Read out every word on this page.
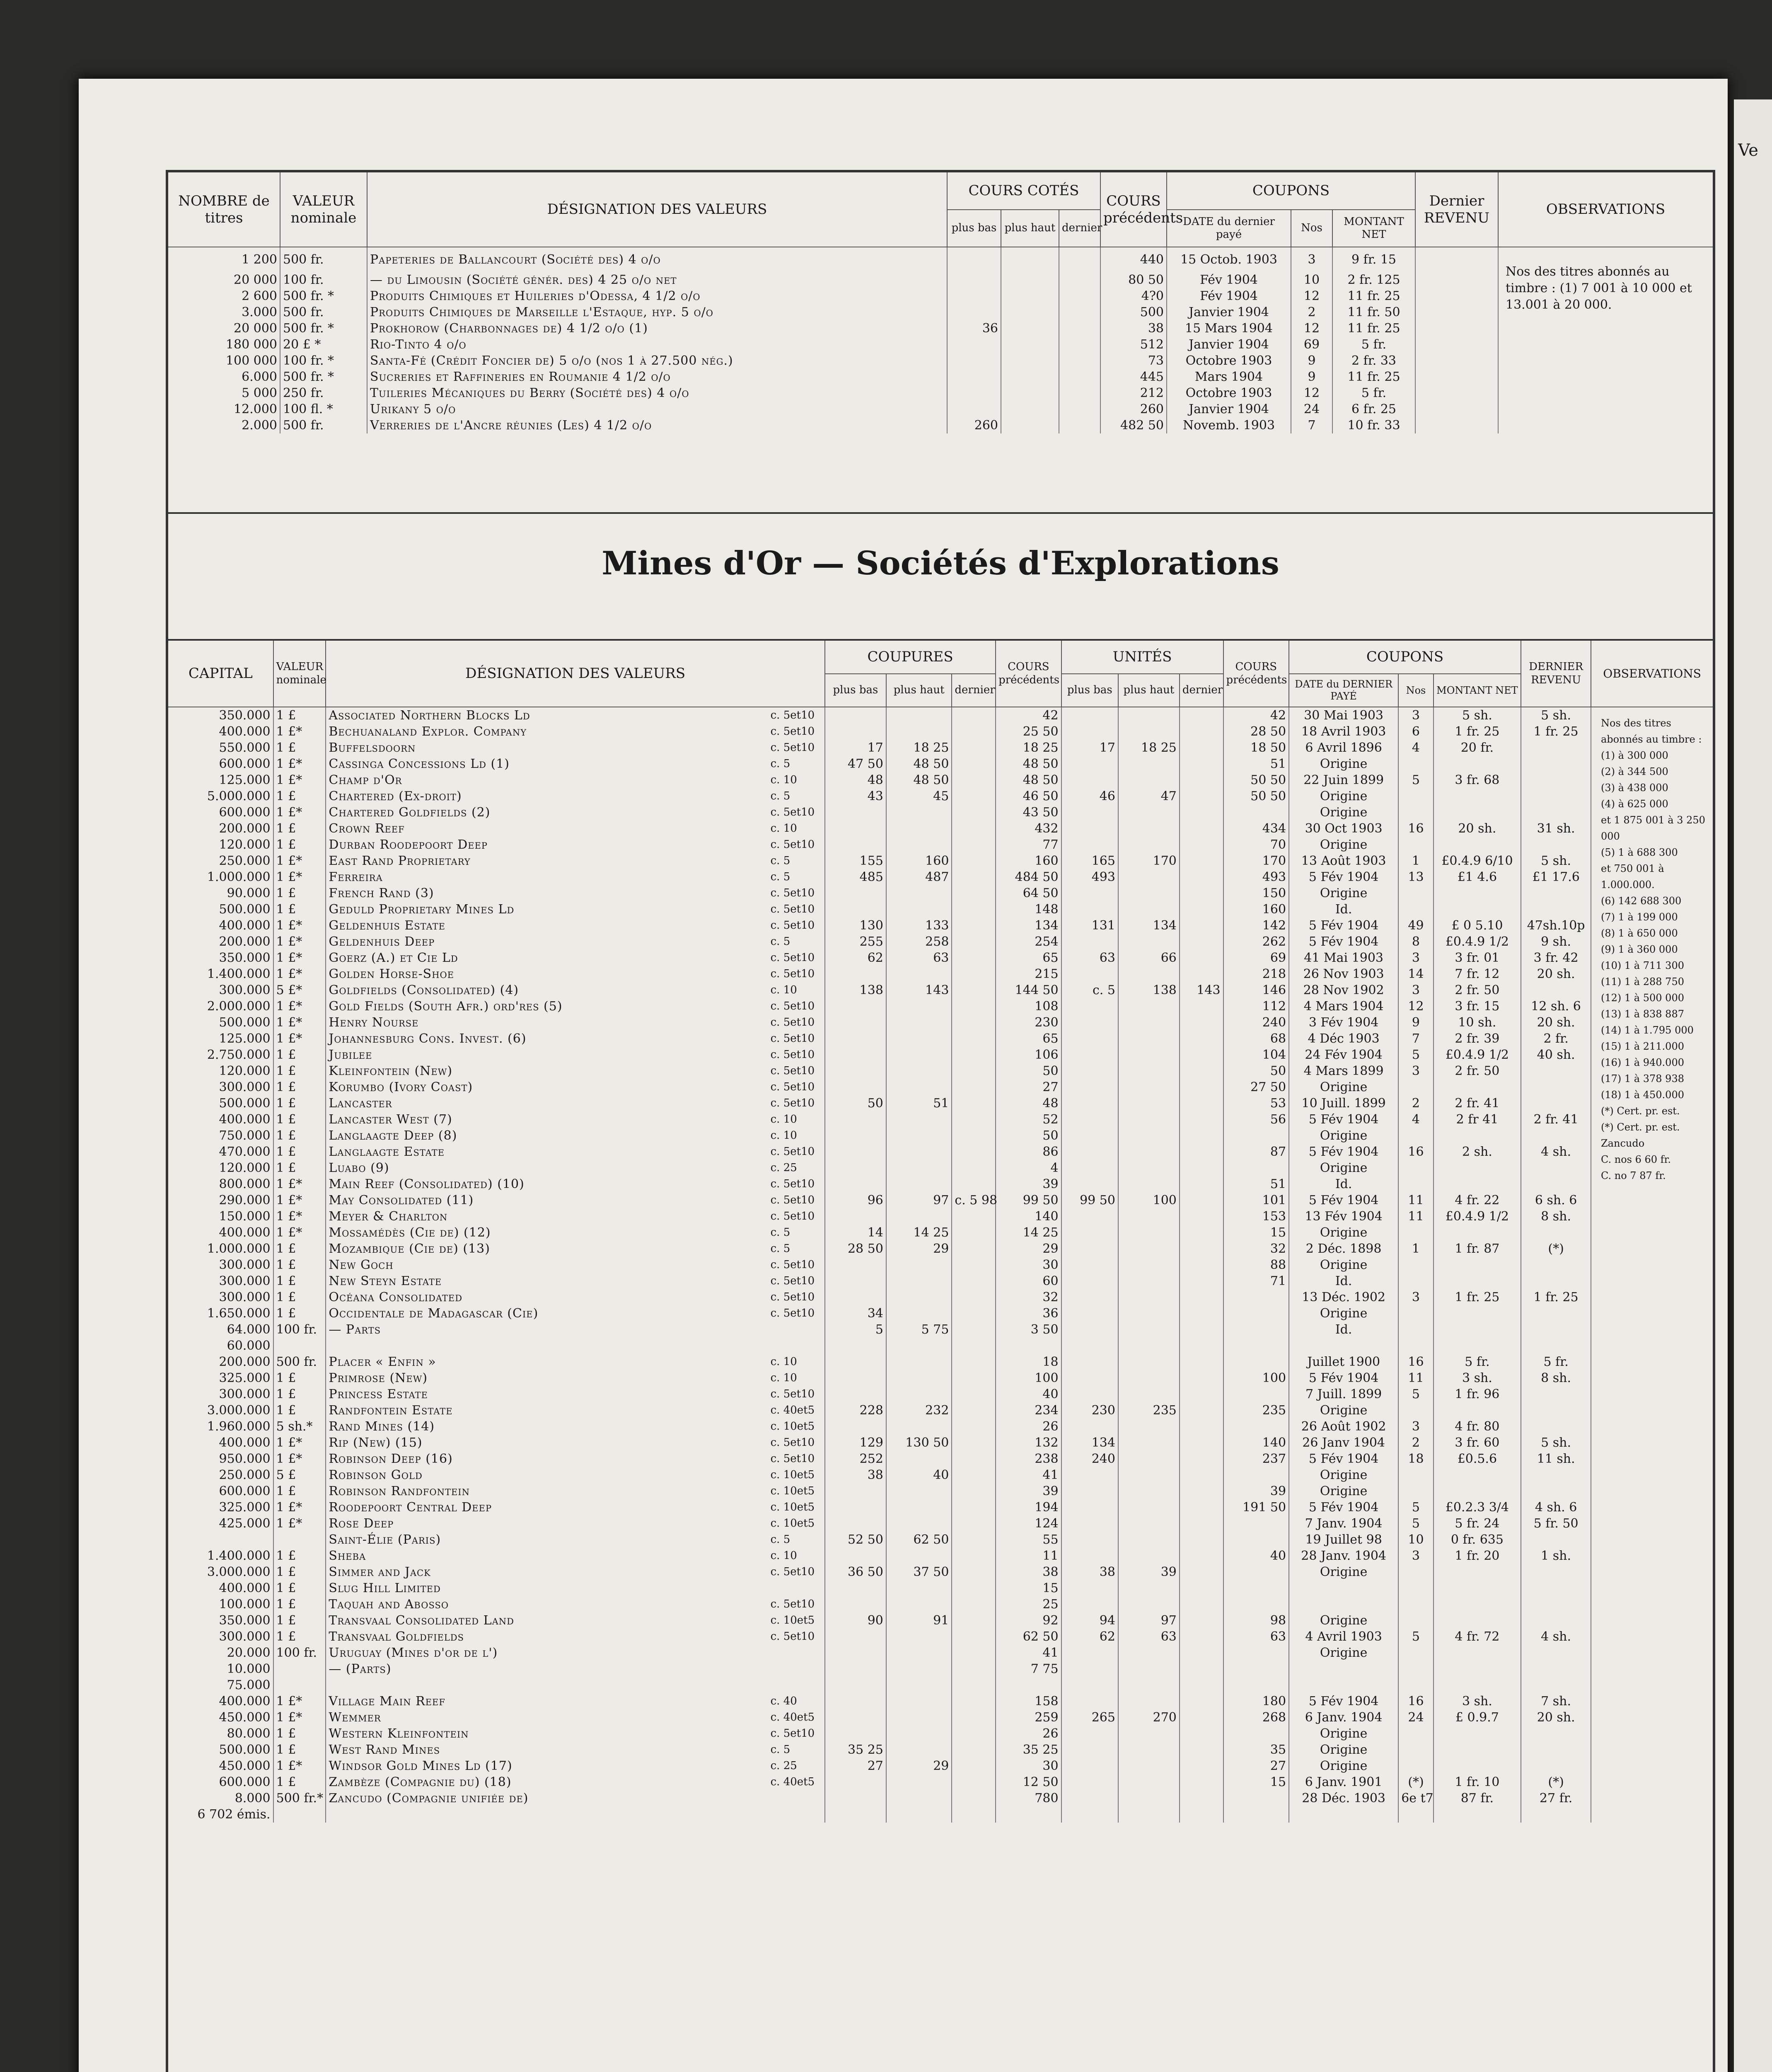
Ve
NOMBRE de titres	VALEUR nominale	DÉSIGNATION DES VALEURS	COURS COTÉS			COURS précédents	COUPONS			Dernier REVENU	OBSERVATIONS
			plus bas	plus haut	dernier		DATE du dernier payé	Nos	MONTANT NET		
1 200	500 fr.	Papeteries de Ballancourt (Société des) 4 o/o				440	15 Octob. 1903	3	9 fr. 15		
20 000	100 fr.	— du Limousin (Société génér. des) 4 25 o/o net				80 50	Fév 1904	10	2 fr. 125		
2 600	500 fr. *	Produits Chimiques et Huileries d'Odessa, 4 1/2 o/o				4?0	Fév 1904	12	11 fr. 25		
3.000	500 fr.	Produits Chimiques de Marseille l'Estaque, hyp. 5 o/o				500	Janvier 1904	2	11 fr. 50		
20 000	500 fr. *	Prokhorow (Charbonnages de) 4 1/2 o/o (1)	36			38	15 Mars 1904	12	11 fr. 25		
180 000	20 £ *	Rio-Tinto 4 o/o				512	Janvier 1904	69	5 fr.		
100 000	100 fr. *	Santa-Fé (Crédit Foncier de) 5 o/o (nos 1 à 27.500 nég.)				73	Octobre 1903	9	2 fr. 33		
6.000	500 fr. *	Sucreries et Raffineries en Roumanie 4 1/2 o/o				445	Mars 1904	9	11 fr. 25		
5 000	250 fr.	Tuileries Mécaniques du Berry (Société des) 4 o/o				212	Octobre 1903	12	5 fr.		
12.000	100 fl. *	Urikany 5 o/o				260	Janvier 1904	24	6 fr. 25		
2.000	500 fr.	Verreries de l'Ancre réunies (Les) 4 1/2 o/o	260			482 50	Novemb. 1903	7	10 fr. 33		
Nos des titres abonnés au timbre : (1) 7 001 à 10 000 et 13.001 à 20 000.
Mines d'Or — Sociétés d'Explorations
CAPITAL	VALEUR nominale	DÉSIGNATION DES VALEURS		COUPURES			COURS précédents	UNITÉS			COURS précédents	COUPONS			DERNIER REVENU	OBSERVATIONS
				plus bas	plus haut	dernier		plus bas	plus haut	dernier		DATE du DERNIER PAYÉ	Nos	MONTANT NET		
350.000	1 £	Associated Northern Blocks Ld	c. 5et10				42				42	30 Mai 1903	3	5 sh.	5 sh.	
400.000	1 £*	Bechuanaland Explor. Company	c. 5et10				25 50				28 50	18 Avril 1903	6	1 fr. 25	1 fr. 25	
550.000	1 £	Buffelsdoorn	c. 5et10	17	18 25		18 25	17	18 25		18 50	6 Avril 1896	4	20 fr.		
600.000	1 £*	Cassinga Concessions Ld (1)	c. 5	47 50	48 50		48 50				51	Origine				
125.000	1 £*	Champ d'Or	c. 10	48	48 50		48 50				50 50	22 Juin 1899	5	3 fr. 68		
5.000.000	1 £	Chartered (Ex-droit)	c. 5	43	45		46 50	46	47		50 50	Origine				
600.000	1 £*	Chartered Goldfields (2)	c. 5et10				43 50					Origine				
200.000	1 £	Crown Reef	c. 10				432				434	30 Oct 1903	16	20 sh.	31 sh.	
120.000	1 £	Durban Roodepoort Deep	c. 5et10				77				70	Origine				
250.000	1 £*	East Rand Proprietary	c. 5	155	160		160	165	170		170	13 Août 1903	1	£0.4.9 6/10	5 sh.	
1.000.000	1 £*	Ferreira	c. 5	485	487		484 50	493			493	5 Fév 1904	13	£1 4.6	£1 17.6	
90.000	1 £	French Rand (3)	c. 5et10				64 50				150	Origine				
500.000	1 £	Geduld Proprietary Mines Ld	c. 5et10				148				160	Id.				
400.000	1 £*	Geldenhuis Estate	c. 5et10	130	133		134	131	134		142	5 Fév 1904	49	£ 0 5.10	47sh.10p	
200.000	1 £*	Geldenhuis Deep	c. 5	255	258		254				262	5 Fév 1904	8	£0.4.9 1/2	9 sh.	
350.000	1 £*	Goerz (A.) et Cie Ld	c. 5et10	62	63		65	63	66		69	41 Mai 1903	3	3 fr. 01	3 fr. 42	
1.400.000	1 £*	Golden Horse-Shoe	c. 5et10				215				218	26 Nov 1903	14	7 fr. 12	20 sh.	
300.000	5 £*	Goldfields (Consolidated) (4)	c. 10	138	143		144 50	c. 5	138	143	146	28 Nov 1902	3	2 fr. 50		
2.000.000	1 £*	Gold Fields (South Afr.) ord'res (5)	c. 5et10				108				112	4 Mars 1904	12	3 fr. 15	12 sh. 6	
500.000	1 £*	Henry Nourse	c. 5et10				230				240	3 Fév 1904	9	10 sh.	20 sh.	
125.000	1 £*	Johannesburg Cons. Invest. (6)	c. 5et10				65				68	4 Déc 1903	7	2 fr. 39	2 fr.	
2.750.000	1 £	Jubilee	c. 5et10				106				104	24 Fév 1904	5	£0.4.9 1/2	40 sh.	
120.000	1 £	Kleinfontein (New)	c. 5et10				50				50	4 Mars 1899	3	2 fr. 50		
300.000	1 £	Korumbo (Ivory Coast)	c. 5et10				27				27 50	Origine				
500.000	1 £	Lancaster	c. 5et10	50	51		48				53	10 Juill. 1899	2	2 fr. 41		
400.000	1 £	Lancaster West (7)	c. 10				52				56	5 Fév 1904	4	2 fr 41	2 fr. 41	
750.000	1 £	Langlaagte Deep (8)	c. 10				50					Origine				
470.000	1 £	Langlaagte Estate	c. 5et10				86				87	5 Fév 1904	16	2 sh.	4 sh.	
120.000	1 £	Luabo (9)	c. 25				4					Origine				
800.000	1 £*	Main Reef (Consolidated) (10)	c. 5et10				39				51	Id.				
290.000	1 £*	May Consolidated (11)	c. 5et10	96	97	c. 5 98	99 50	99 50	100		101	5 Fév 1904	11	4 fr. 22	6 sh. 6	
150.000	1 £*	Meyer & Charlton	c. 5et10				140				153	13 Fév 1904	11	£0.4.9 1/2	8 sh.	
400.000	1 £*	Mossamédès (Cie de) (12)	c. 5	14	14 25		14 25				15	Origine				
1.000.000	1 £	Mozambique (Cie de) (13)	c. 5	28 50	29		29				32	2 Déc. 1898	1	1 fr. 87	(*)	
300.000	1 £	New Goch	c. 5et10				30				88	Origine				
300.000	1 £	New Steyn Estate	c. 5et10				60				71	Id.				
300.000	1 £	Océana Consolidated	c. 5et10				32					13 Déc. 1902	3	1 fr. 25	1 fr. 25	
1.650.000	1 £	Occidentale de Madagascar (Cie)	c. 5et10	34			36					Origine				
64.000	100 fr.	— Parts		5	5 75		3 50					Id.				
60.000																
200.000	500 fr.	Placer « Enfin »	c. 10				18					Juillet 1900	16	5 fr.	5 fr.	
325.000	1 £	Primrose (New)	c. 10				100				100	5 Fév 1904	11	3 sh.	8 sh.	
300.000	1 £	Princess Estate	c. 5et10				40					7 Juill. 1899	5	1 fr. 96		
3.000.000	1 £	Randfontein Estate	c. 40et5	228	232		234	230	235		235	Origine				
1.960.000	5 sh.*	Rand Mines (14)	c. 10et5				26					26 Août 1902	3	4 fr. 80		
400.000	1 £*	Rip (New) (15)	c. 5et10	129	130 50		132	134			140	26 Janv 1904	2	3 fr. 60	5 sh.	
950.000	1 £*	Robinson Deep (16)	c. 5et10	252			238	240			237	5 Fév 1904	18	£0.5.6	11 sh.	
250.000	5 £	Robinson Gold	c. 10et5	38	40		41					Origine				
600.000	1 £	Robinson Randfontein	c. 10et5				39				39	Origine				
325.000	1 £*	Roodepoort Central Deep	c. 10et5				194				191 50	5 Fév 1904	5	£0.2.3 3/4	4 sh. 6	
425.000	1 £*	Rose Deep	c. 10et5				124					7 Janv. 1904	5	5 fr. 24	5 fr. 50	
		Saint-Élie (Paris)	c. 5	52 50	62 50		55					19 Juillet 98	10	0 fr. 635		
1.400.000	1 £	Sheba	c. 10				11				40	28 Janv. 1904	3	1 fr. 20	1 sh.	
3.000.000	1 £	Simmer and Jack	c. 5et10	36 50	37 50		38	38	39			Origine				
400.000	1 £	Slug Hill Limited					15									
100.000	1 £	Taquah and Abosso	c. 5et10				25									
350.000	1 £	Transvaal Consolidated Land	c. 10et5	90	91		92	94	97		98	Origine				
300.000	1 £	Transvaal Goldfields	c. 5et10				62 50	62	63		63	4 Avril 1903	5	4 fr. 72	4 sh.	
20.000	100 fr.	Uruguay (Mines d'or de l')					41					Origine				
10.000		— (Parts)					7 75									
75.000																
400.000	1 £*	Village Main Reef	c. 40				158				180	5 Fév 1904	16	3 sh.	7 sh.	
450.000	1 £*	Wemmer	c. 40et5				259	265	270		268	6 Janv. 1904	24	£ 0.9.7	20 sh.	
80.000	1 £	Western Kleinfontein	c. 5et10				26					Origine				
500.000	1 £	West Rand Mines	c. 5	35 25			35 25				35	Origine				
450.000	1 £*	Windsor Gold Mines Ld (17)	c. 25	27	29		30				27	Origine				
600.000	1 £	Zambèze (Compagnie du) (18)	c. 40et5				12 50				15	6 Janv. 1901	(*)	1 fr. 10	(*)	
8.000	500 fr.*	Zancudo (Compagnie unifiée de)					780					28 Déc. 1903	6e t7	87 fr.	27 fr.	
6 702 émis.																
Nos des titres abonnés au timbre :
(1) à 300 000
(2) à 344 500
(3) à 438 000
(4) à 625 000
et 1 875 001 à 3 250 000
(5) 1 à 688 300
et 750 001 à 1.000.000.
(6) 142 688 300
(7) 1 à 199 000
(8) 1 à 650 000
(9) 1 à 360 000
(10) 1 à 711 300
(11) 1 à 288 750
(12) 1 à 500 000
(13) 1 à 838 887
(14) 1 à 1.795 000
(15) 1 à 211.000
(16) 1 à 940.000
(17) 1 à 378 938
(18) 1 à 450.000
(*) Cert. pr. est.
(*) Cert. pr. est.
Zancudo
C. nos 6 60 fr.
C. no 7 87 fr.
